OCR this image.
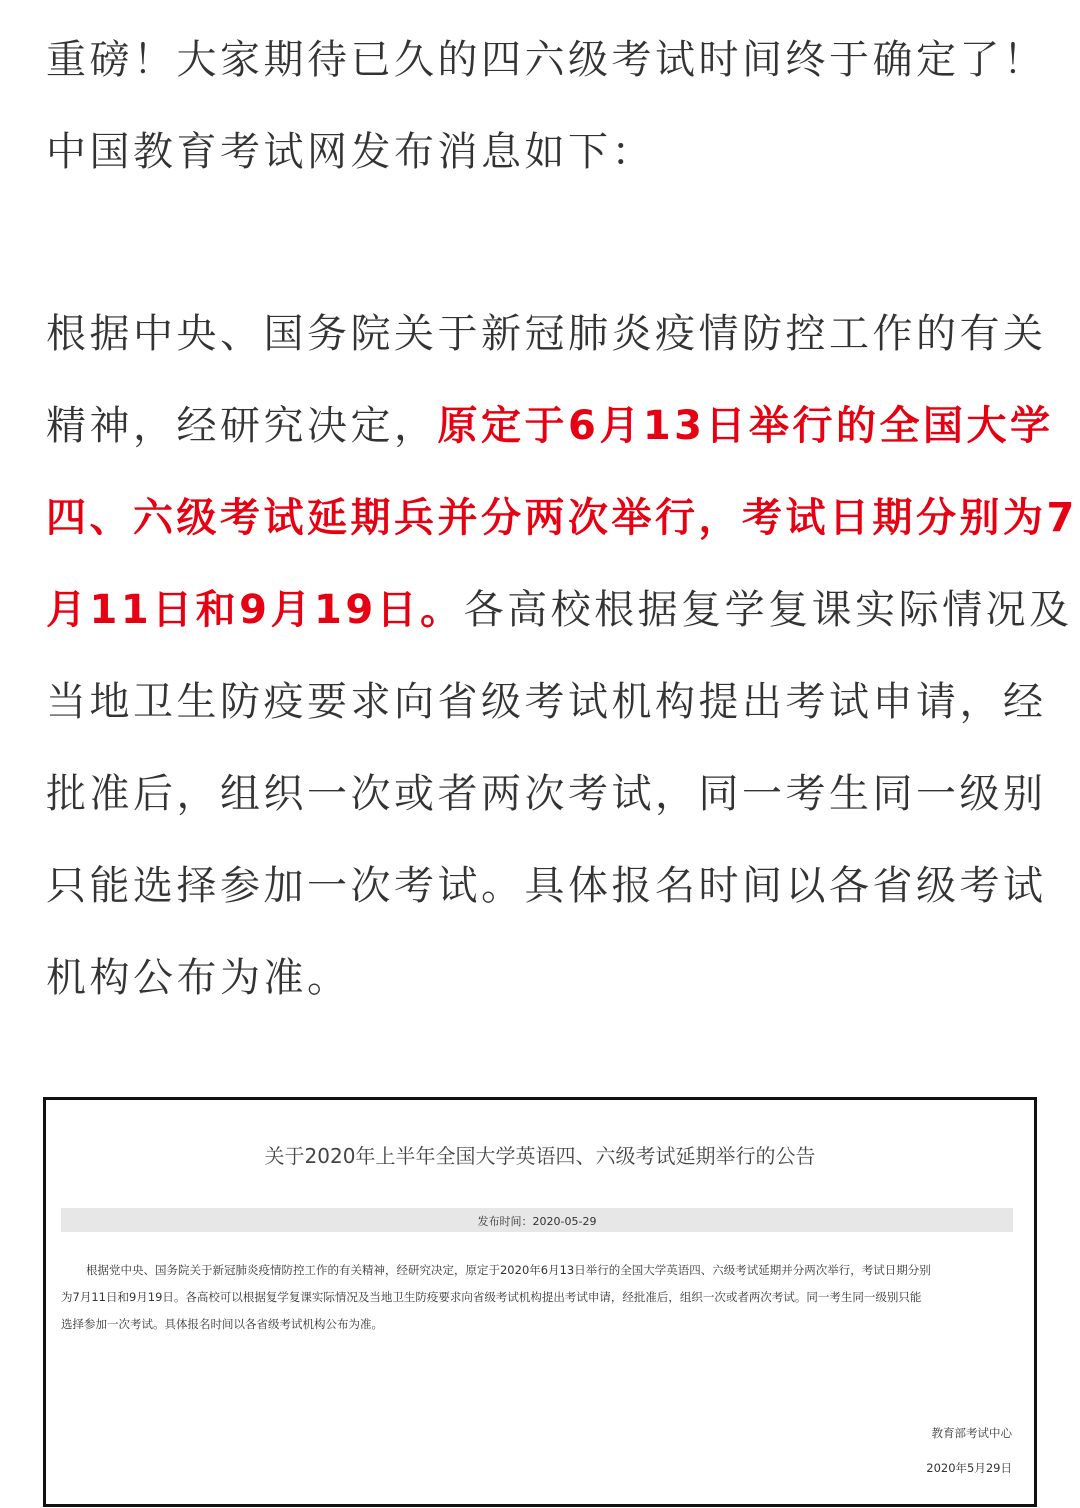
重磅！大家期待已久的四六级考试时间终于确定了！
中国教育考试网发布消息如下：
根据中央、国务院关于新冠肺炎疫情防控工作的有关
精神，经研究决定，原定于6月13日举行的全国大学
四、六级考试延期兵并分两次举行，考试日期分别为7
月11日和9月19日。各高校根据复学复课实际情况及
当地卫生防疫要求向省级考试机构提出考试申请，经
批准后，组织一次或者两次考试，同一考生同一级别
只能选择参加一次考试。具体报名时间以各省级考试
机构公布为准。
关于2020年上半年全国大学英语四、六级考试延期举行的公告
发布时间：2020-05-29
根据党中央、国务院关于新冠肺炎疫情防控工作的有关精神，经研究决定，原定于2020年6月13日举行的全国大学英语四、六级考试延期并分两次举行，考试日期分别
为7月11日和9月19日。各高校可以根据复学复课实际情况及当地卫生防疫要求向省级考试机构提出考试申请，经批准后，组织一次或者两次考试。同一考生同一级别只能
选择参加一次考试。具体报名时间以各省级考试机构公布为准。
教育部考试中心
2020年5月29日
